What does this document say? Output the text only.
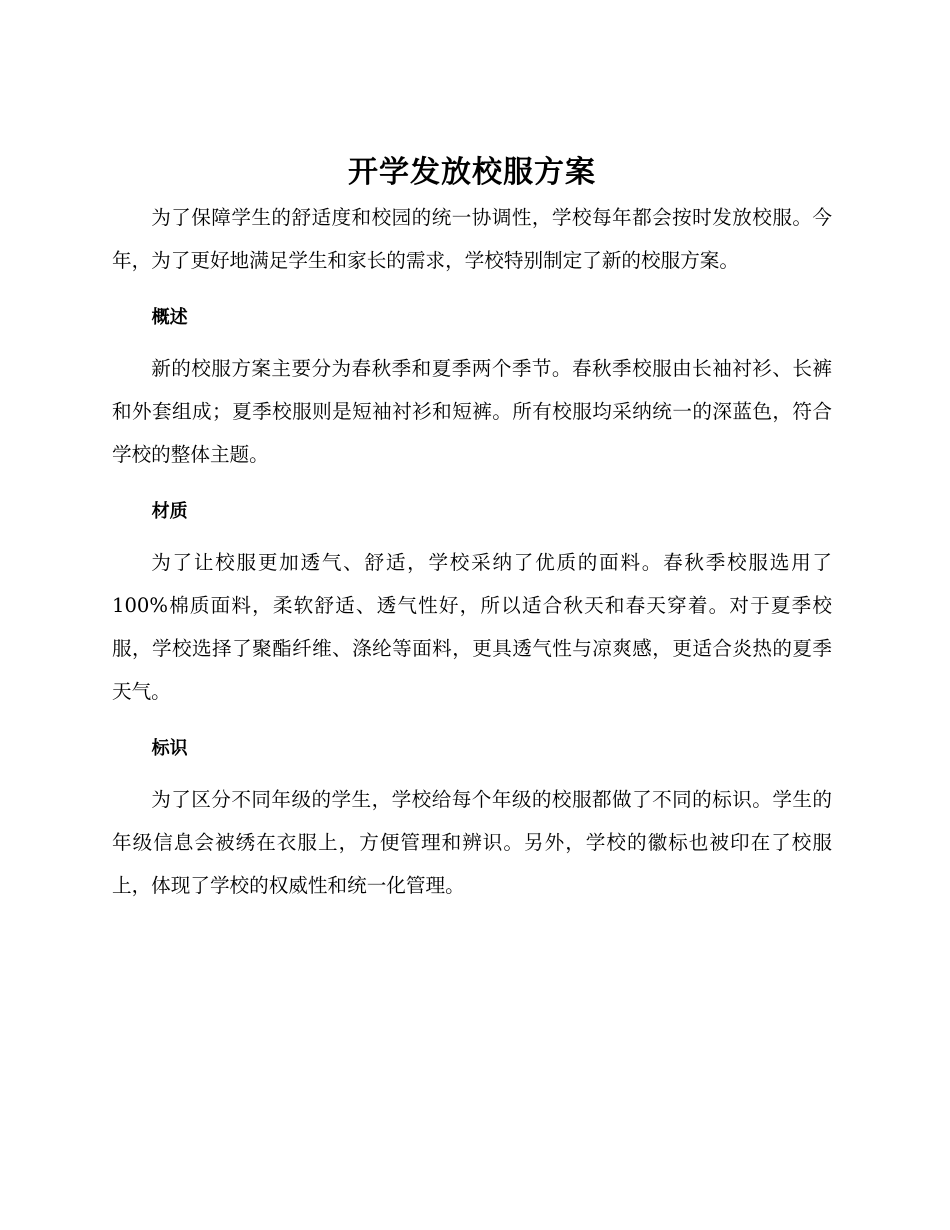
开学发放校服方案

为了保障学生的舒适度和校园的统一协调性，学校每年都会按时发放校服。今年，为了更好地满足学生和家长的需求，学校特别制定了新的校服方案。

概述

新的校服方案主要分为春秋季和夏季两个季节。春秋季校服由长袖衬衫、长裤和外套组成；夏季校服则是短袖衬衫和短裤。所有校服均采纳统一的深蓝色，符合学校的整体主题。

材质

为了让校服更加透气、舒适，学校采纳了优质的面料。春秋季校服选用了100%棉质面料，柔软舒适、透气性好，所以适合秋天和春天穿着。对于夏季校服，学校选择了聚酯纤维、涤纶等面料，更具透气性与凉爽感，更适合炎热的夏季天气。

标识

为了区分不同年级的学生，学校给每个年级的校服都做了不同的标识。学生的年级信息会被绣在衣服上，方便管理和辨识。另外，学校的徽标也被印在了校服上，体现了学校的权威性和统一化管理。
